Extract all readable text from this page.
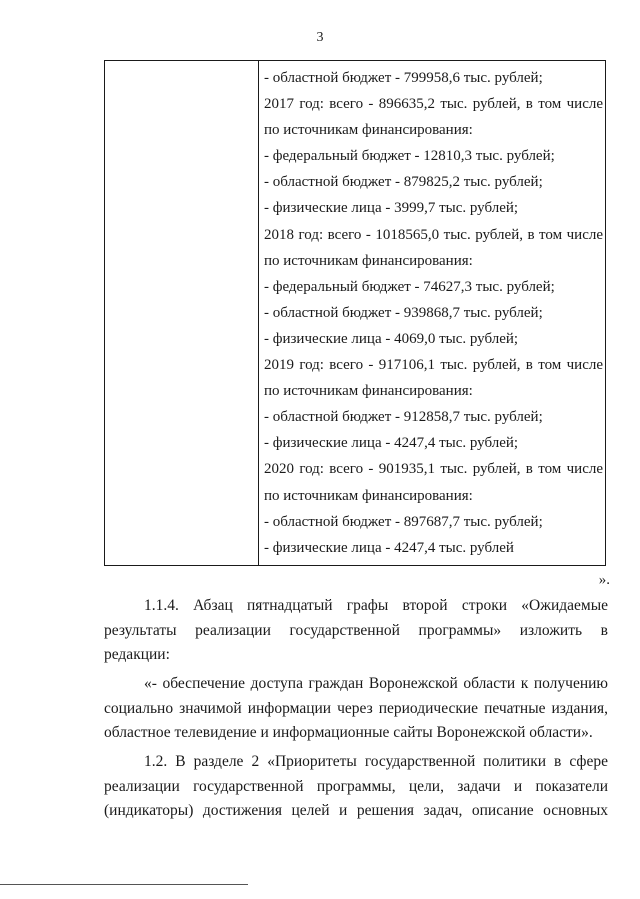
3
- областной бюджет - 799958,6 тыс. рублей;
2017 год: всего - 896635,2 тыс. рублей, в том числе
по источникам финансирования:
- федеральный бюджет - 12810,3 тыс. рублей;
- областной бюджет - 879825,2 тыс. рублей;
- физические лица - 3999,7 тыс. рублей;
2018 год: всего - 1018565,0 тыс. рублей, в том числе
по источникам финансирования:
- федеральный бюджет - 74627,3 тыс. рублей;
- областной бюджет - 939868,7 тыс. рублей;
- физические лица - 4069,0 тыс. рублей;
2019 год: всего - 917106,1 тыс. рублей, в том числе
по источникам финансирования:
- областной бюджет - 912858,7 тыс. рублей;
- физические лица - 4247,4 тыс. рублей;
2020 год: всего - 901935,1 тыс. рублей, в том числе
по источникам финансирования:
- областной бюджет - 897687,7 тыс. рублей;
- физические лица - 4247,4 тыс. рублей
».
1.1.4. Абзац пятнадцатый графы второй строки «Ожидаемые
результаты реализации государственной программы» изложить в
редакции:
«- обеспечение доступа граждан Воронежской области к получению
социально значимой информации через периодические печатные издания,
областное телевидение и информационные сайты Воронежской области».
1.2. В разделе 2 «Приоритеты государственной политики в сфере
реализации государственной программы, цели, задачи и показатели
(индикаторы) достижения целей и решения задач, описание основных
